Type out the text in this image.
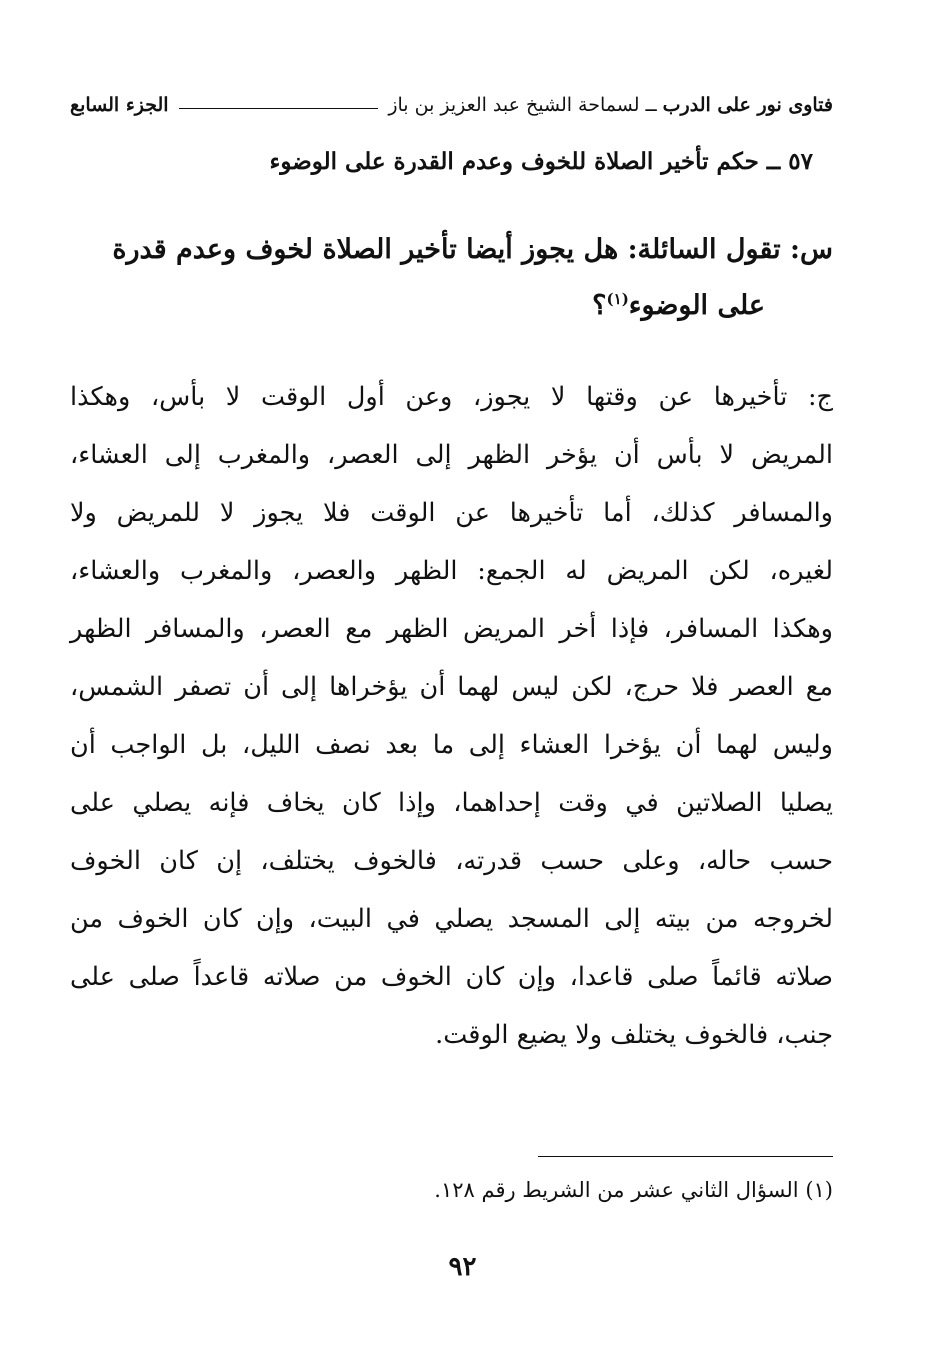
فتاوى نور على الدرب
ــ
لسماحة الشيخ عبد العزيز بن باز
الجزء السابع
٥٧ ــ حكم تأخير الصلاة للخوف وعدم القدرة على الوضوء
س: تقول السائلة: هل يجوز أيضا تأخير الصلاة لخوف وعدم قدرة
على الوضوء$^{(١)}$؟

ج: تأخيرها عن وقتها لا يجوز، وعن أول الوقت لا بأس، وهكذا

المريض لا بأس أن يؤخر الظهر إلى العصر، والمغرب إلى العشاء،

والمسافر كذلك، أما تأخيرها عن الوقت فلا يجوز لا للمريض ولا

لغيره، لكن المريض له الجمع: الظهر والعصر، والمغرب والعشاء،

وهكذا المسافر، فإذا أخر المريض الظهر مع العصر، والمسافر الظهر

مع العصر فلا حرج، لكن ليس لهما أن يؤخراها إلى أن تصفر الشمس،

وليس لهما أن يؤخرا العشاء إلى ما بعد نصف الليل، بل الواجب أن

يصليا الصلاتين في وقت إحداهما، وإذا كان يخاف فإنه يصلي على

حسب حاله، وعلى حسب قدرته، فالخوف يختلف، إن كان الخوف

لخروجه من بيته إلى المسجد يصلي في البيت، وإن كان الخوف من

صلاته قائماً صلى قاعدا، وإن كان الخوف من صلاته قاعداً صلى على

جنب، فالخوف يختلف ولا يضيع الوقت.

(١) السؤال الثاني عشر من الشريط رقم ١٢٨.
٩٢
